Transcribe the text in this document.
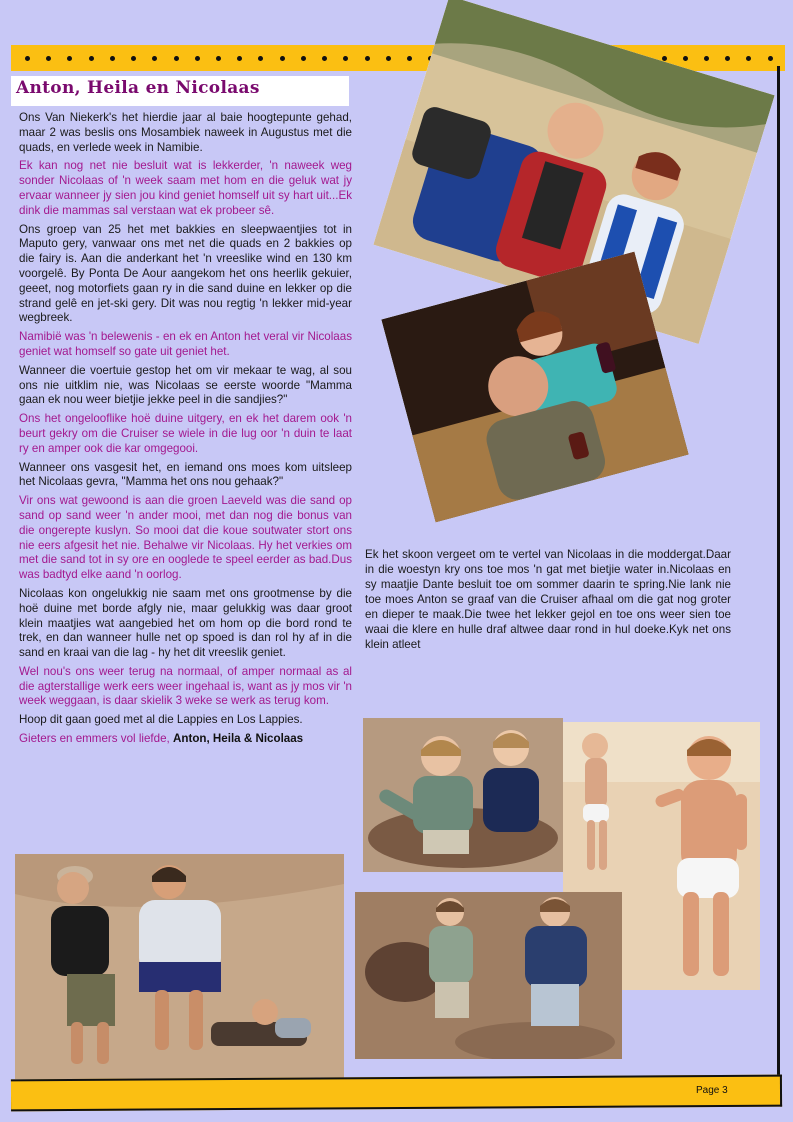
Anton, Heila en Nicolaas

Ons Van Niekerk's het hierdie jaar al baie hoogtepunte gehad, maar 2 was beslis ons Mosambiek naweek in Augustus met die quads, en verlede week in Namibie.

Ek kan nog net nie besluit wat is lekkerder, 'n naweek weg sonder Nicolaas of 'n week saam met hom en die geluk wat jy ervaar wanneer jy sien jou kind geniet homself uit sy hart uit...Ek dink die mammas sal verstaan wat ek probeer sê.

Ons groep van 25 het met bakkies en sleepwaentjies tot in Maputo gery, vanwaar ons met net die quads en 2 bakkies op die fairy is. Aan die anderkant het 'n vreeslike wind en 130 km voorgelê. By Ponta De Aour aangekom het ons heerlik gekuier, geeet, nog motorfiets gaan ry in die sand duine en lekker op die strand gelê en jet-ski gery. Dit was nou regtig 'n lekker mid-year wegbreek.

Namibië was 'n belewenis - en ek en Anton het veral vir Nicolaas geniet wat homself so gate uit geniet het.

Wanneer die voertuie gestop het om vir mekaar te wag, al sou ons nie uitklim nie, was Nicolaas se eerste woorde "Mamma gaan ek nou weer bietjie jekke peel in die sandjies?"

Ons het ongelooflike hoë duine uitgery, en ek het darem ook 'n beurt gekry om die Cruiser se wiele in die lug oor 'n duin te laat ry en amper ook die kar omgegooi.

Wanneer ons vasgesit het, en iemand ons moes kom uitsleep het Nicolaas gevra, "Mamma het ons nou gehaak?"

Vir ons wat gewoond is aan die groen Laeveld was die sand op sand op sand weer 'n ander mooi, met dan nog die bonus van die ongerepte kuslyn. So mooi dat die koue soutwater stort ons nie eers afgesit het nie. Behalwe vir Nicolaas. Hy het verkies om met die sand tot in sy ore en ooglede te speel eerder as bad.Dus was badtyd elke aand 'n oorlog.

Nicolaas kon ongelukkig nie saam met ons grootmense by die hoë duine met borde afgly nie, maar gelukkig was daar groot klein maatjies wat aangebied het om hom op die bord rond te trek, en dan wanneer hulle net op spoed is dan rol hy af in die sand en kraai van die lag - hy het dit vreeslik geniet.

Wel nou's ons weer terug na normaal, of amper normaal as al die agterstallige werk eers weer ingehaal is, want as jy mos vir 'n week weggaan, is daar skielik 3 weke se werk as terug kom.

Hoop dit gaan goed met al die Lappies en Los Lappies.

Gieters en emmers vol liefde, Anton, Heila & Nicolaas

Ek het skoon vergeet om te vertel van Nicolaas in die moddergat.Daar in die woestyn kry ons toe mos 'n gat met bietjie water in.Nicolaas en sy maatjie Dante besluit toe om sommer daarin te spring.Nie lank nie toe moes Anton se graaf van die Cruiser afhaal om die gat nog groter en dieper te maak.Die twee het lekker gejol en toe ons weer sien toe waai die klere en hulle draf altwee daar rond in hul doeke.Kyk net ons klein atleet

Page 3
